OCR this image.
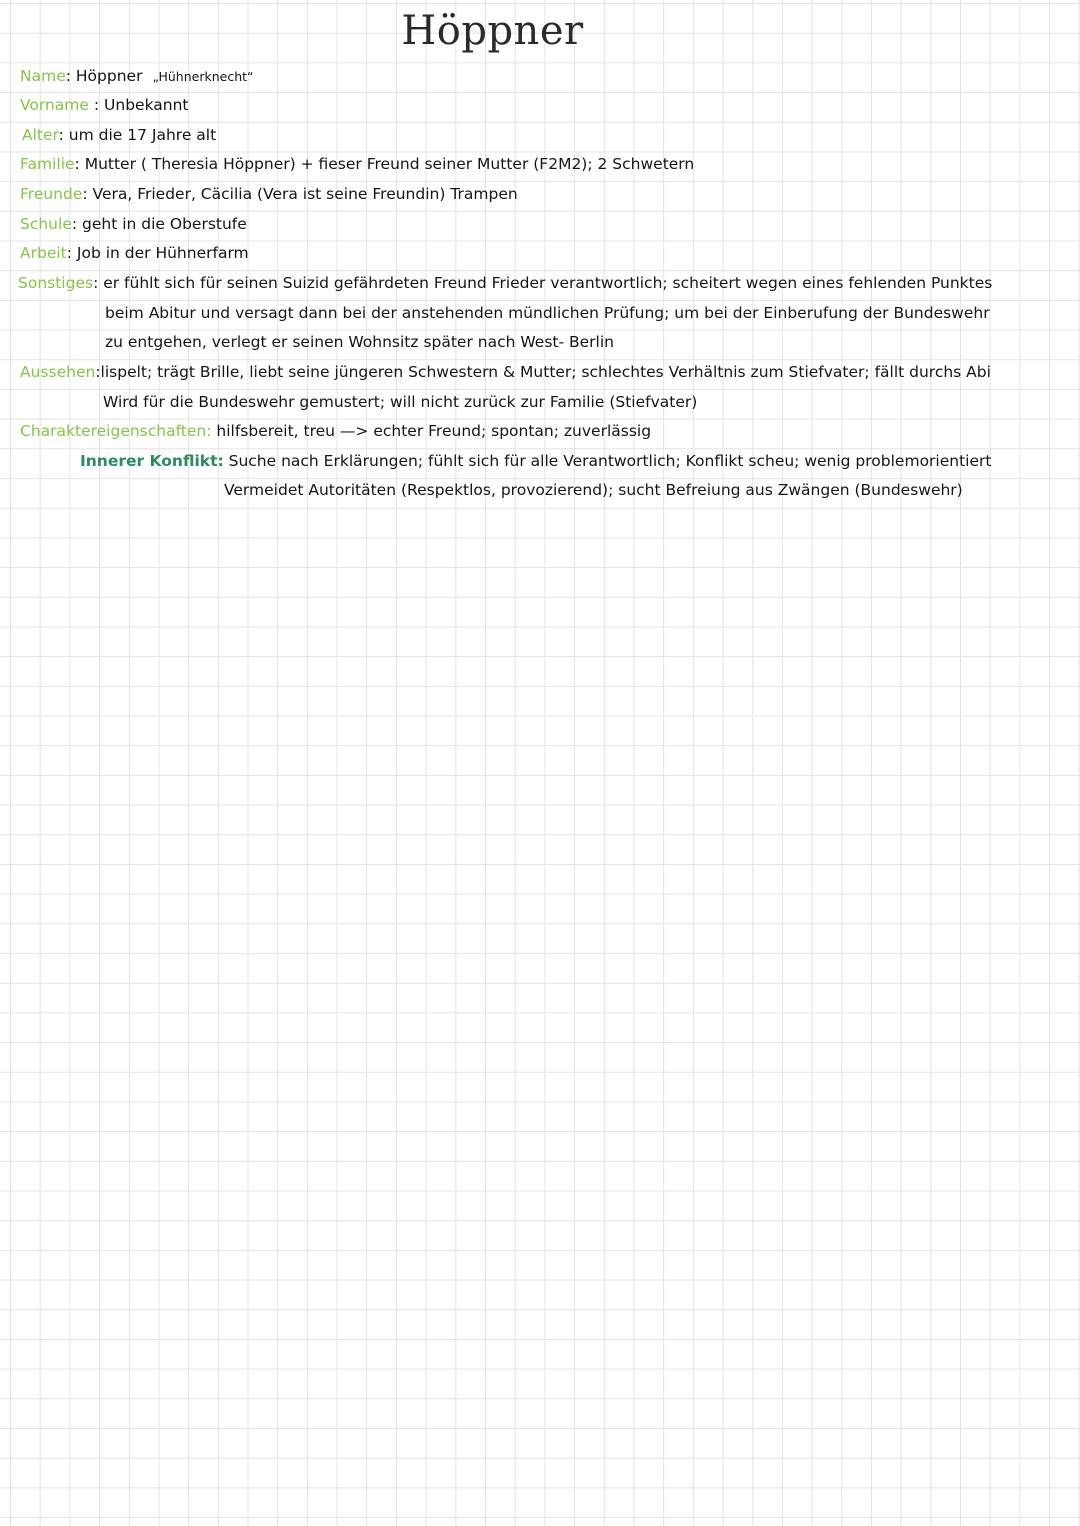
Höppner
Name: Höppner „Hühnerknecht“
Vorname : Unbekannt
Alter: um die 17 Jahre alt
Familie: Mutter ( Theresia Höppner) + fieser Freund seiner Mutter (F2M2); 2 Schwetern
Freunde: Vera, Frieder, Cäcilia (Vera ist seine Freundin) Trampen
Schule: geht in die Oberstufe
Arbeit: Job in der Hühnerfarm
Sonstiges: er fühlt sich für seinen Suizid gefährdeten Freund Frieder verantwortlich; scheitert wegen eines fehlenden Punktes
beim Abitur und versagt dann bei der anstehenden mündlichen Prüfung; um bei der Einberufung der Bundeswehr
zu entgehen, verlegt er seinen Wohnsitz später nach West- Berlin
Aussehen:lispelt; trägt Brille, liebt seine jüngeren Schwestern & Mutter; schlechtes Verhältnis zum Stiefvater; fällt durchs Abi
Wird für die Bundeswehr gemustert; will nicht zurück zur Familie (Stiefvater)
Charaktereigenschaften: hilfsbereit, treu —> echter Freund; spontan; zuverlässig
Innerer Konflikt: Suche nach Erklärungen; fühlt sich für alle Verantwortlich; Konflikt scheu; wenig problemorientiert
Vermeidet Autoritäten (Respektlos, provozierend); sucht Befreiung aus Zwängen (Bundeswehr)
